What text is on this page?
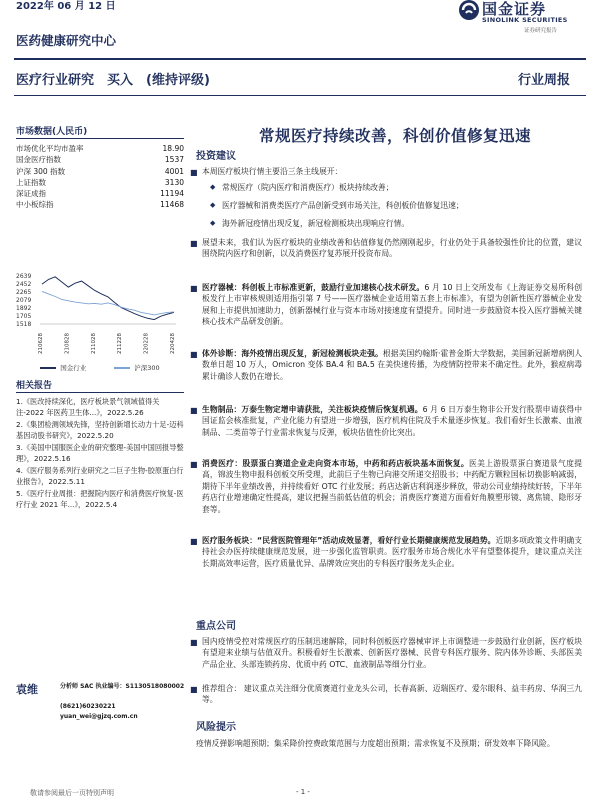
2022年 06 月 12 日	国金证券
SINOLINK SECURITIES
证券研究报告
医药健康研究中心
医疗行业研究　买入　(维持评级)	行业周报
市场数据(人民币)
市场优化平均市盈率	18.90
国金医疗指数	1537
沪深 300 指数	4001
上证指数	3130
深证成指	11194
中小板综指	11468
2639
2452
2265
2079
1892
1705
1518
210628	210828	211028	211228	220228	220428
国金行业	沪深300
相关报告
1.《医改持续深化，医疗板块景气领域值得关注-2022 年医药卫生体...》，2022.5.26
2.《集团检测领域先锋，坚持创新增长动力十足-迈科基因动股书研究》，2022.5.20
3.《美国中国服医企业的研究整理-美国中国回报导整理》，2022.5.16
4.《医疗服务系列行业研究之二巨子生物-胶原蛋白行业报告》，2022.5.11
5.《医疗行业周报：把握院内医疗和消费医疗恢复-医疗行业 2021 年...》，2022.5.4
袁维	分析师 SAC 执业编号：S1130518080002
(8621)60230221
yuan_wei@gjzq.com.cn
常规医疗持续改善，科创价值修复迅速
投资建议
■ 本周医疗板块行情主要沿三条主线展开：
◆ 常规医疗（院内医疗和消费医疗）板块持续改善；
◆ 医疗器械和消费类医疗产品创新受到市场关注，科创板价值修复迅速；
◆ 海外新冠疫情出现反复，新冠检测板块出现响应行情。
■ 展望未来，我们认为医疗板块的业绩改善和估值修复仍然刚刚起步，行业仍处于具备较强性价比的位置，建议围绕院内医疗和创新，以及消费医疗复苏展开投资布局。
■ 医疗器械：科创板上市标准更新，鼓励行业加速核心技术研发。6 月 10 日上交所发布《上海证券交易所科创板发行上市审核规则适用指引第 7 号——医疗器械企业适用第五套上市标准》，有望为创新性医疗器械企业发展和上市提供加速助力，创新器械行业与资本市场对接速度有望提升。同时进一步鼓励资本投入医疗器械关键核心技术产品研发创新。
■ 体外诊断：海外疫情出现反复，新冠检测板块走强。根据美国约翰斯·霍普金斯大学数据，美国新冠新增病例人数单日超 10 万人，Omicron 变体 BA.4 和 BA.5 在美快速传播，为疫情防控带来不确定性。此外，猴痘病毒累计确诊人数仍在增长。
■ 生物制品：万泰生物定增申请获批，关注板块疫情后恢复机遇。6 月 6 日万泰生物非公开发行股票申请获得中国证监会核准批复，产业化能力有望进一步增强，医疗机构住院及手术量逐步恢复。我们看好生长激素、血液制品、二类苗等子行业需求恢复与反弹，板块估值性价比突出。
■ 消费医疗：股票蛋白赛道企业走向资本市场，中药和药店板块基本面恢复。医美上游股票蛋白赛道景气度提高，锦波生物申报科创板交所受理，此前巨子生物已向港交所递交招股书；中药配方颗粒国标切换影响减弱，期待下半年业绩改善，并持续看好 OTC 行业发展；药店达新店利润逐步释放，带动公司业绩持续好转，下半年药店行业增速确定性提高，建议把握当前低估值的机会；消费医疗赛道方面看好角膜塑形镜、离焦镜、隐形牙套等。
■ 医疗服务板块：“民营医院管理年”活动成效显著，看好行业长期健康规范发展趋势。近期多项政策文件明确支持社会办医持续健康规范发展，进一步强化监管职责。医疗服务市场合规化水平有望整体提升，建议重点关注长期高效率运营，医疗质量优异、品牌效应突出的专科医疗服务龙头企业。
重点公司
■ 国内疫情受控对常规医疗的压制迅速解除，同时科创板医疗器械审评上市调整进一步鼓励行业创新，医疗板块有望迎来业绩与估值双升。积极看好生长激素、创新医疗器械、民营专科医疗服务、院内体外诊断、头部医美产品企业、头部连锁药房、优质中药 OTC、血液制品等细分行业。
■ 推荐组合： 建议重点关注细分优质赛道行业龙头公司，长春高新、迈瑞医疗、爱尔眼科、益丰药房、华润三九等。
风险提示
疫情反弹影响超预期；集采降价控费政策范围与力度超出预期；需求恢复不及预期；研发效率下降风险。
敬请参阅最后一页特别声明	- 1 -
